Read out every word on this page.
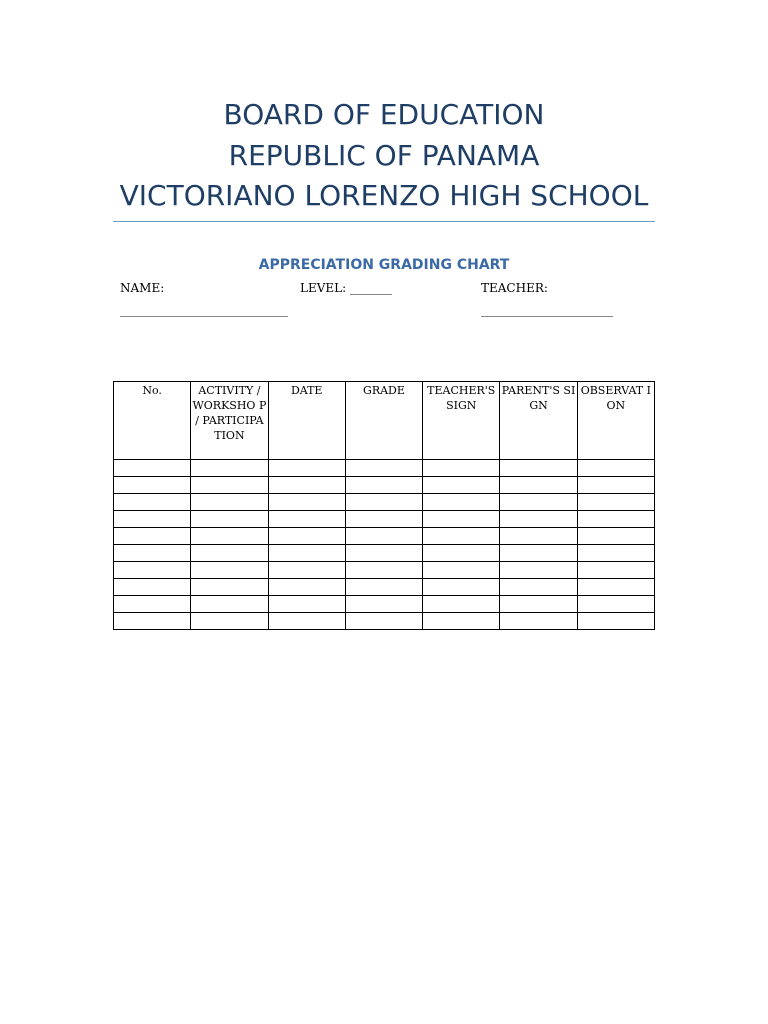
BOARD OF EDUCATION
REPUBLIC OF PANAMA
VICTORIANO LORENZO HIGH SCHOOL
APPRECIATION GRADING CHART
NAME:
____________________________
LEVEL: _______	TEACHER:
______________________
No.	ACTIVITY / WORKSHO P / PARTICIPA TION	DATE	GRADE	TEACHER'S SIGN	PARENT'S SIGN	OBSERVAT ION
